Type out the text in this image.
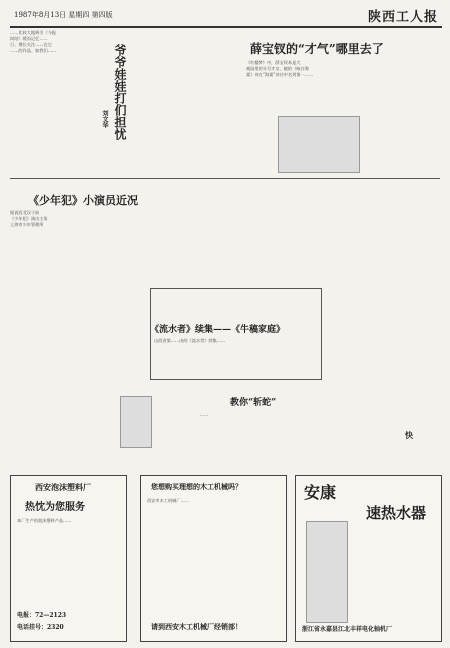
1987年8月13日 星期四 第四版	陕西工人报
……比较大地吸引《今报
纠结》缓而记忆……
日、增长关注……在它
……的作品、如我们……	爷爷娃娃打们担忧
刘文华
薛宝钗的“才气”哪里去了
《红楼梦》中，薛宝钗本是大
观园里的头号才女，她的《咏白海
棠》诗在“海棠”诗社中名列第一……
《少年犯》小演员近况
据说西北汉于前
《少年犯》演出主角
上海市少年管理所
《流水者》续集——《牛稿家庭》
山西省第……由的《流水者》续集……
教你“斩蛇”
……
快
西安泡沫塑料厂
热忱为您服务
本厂生产的泡沫塑料产品……
电报：72—2123
电话挂号：2320
您想购买理想的木工机械吗？
西安市木工机械厂……
请到西安木工机械厂经销部！
安康
速热水器
浙江省永嘉县江北丰祥电化轴机厂
